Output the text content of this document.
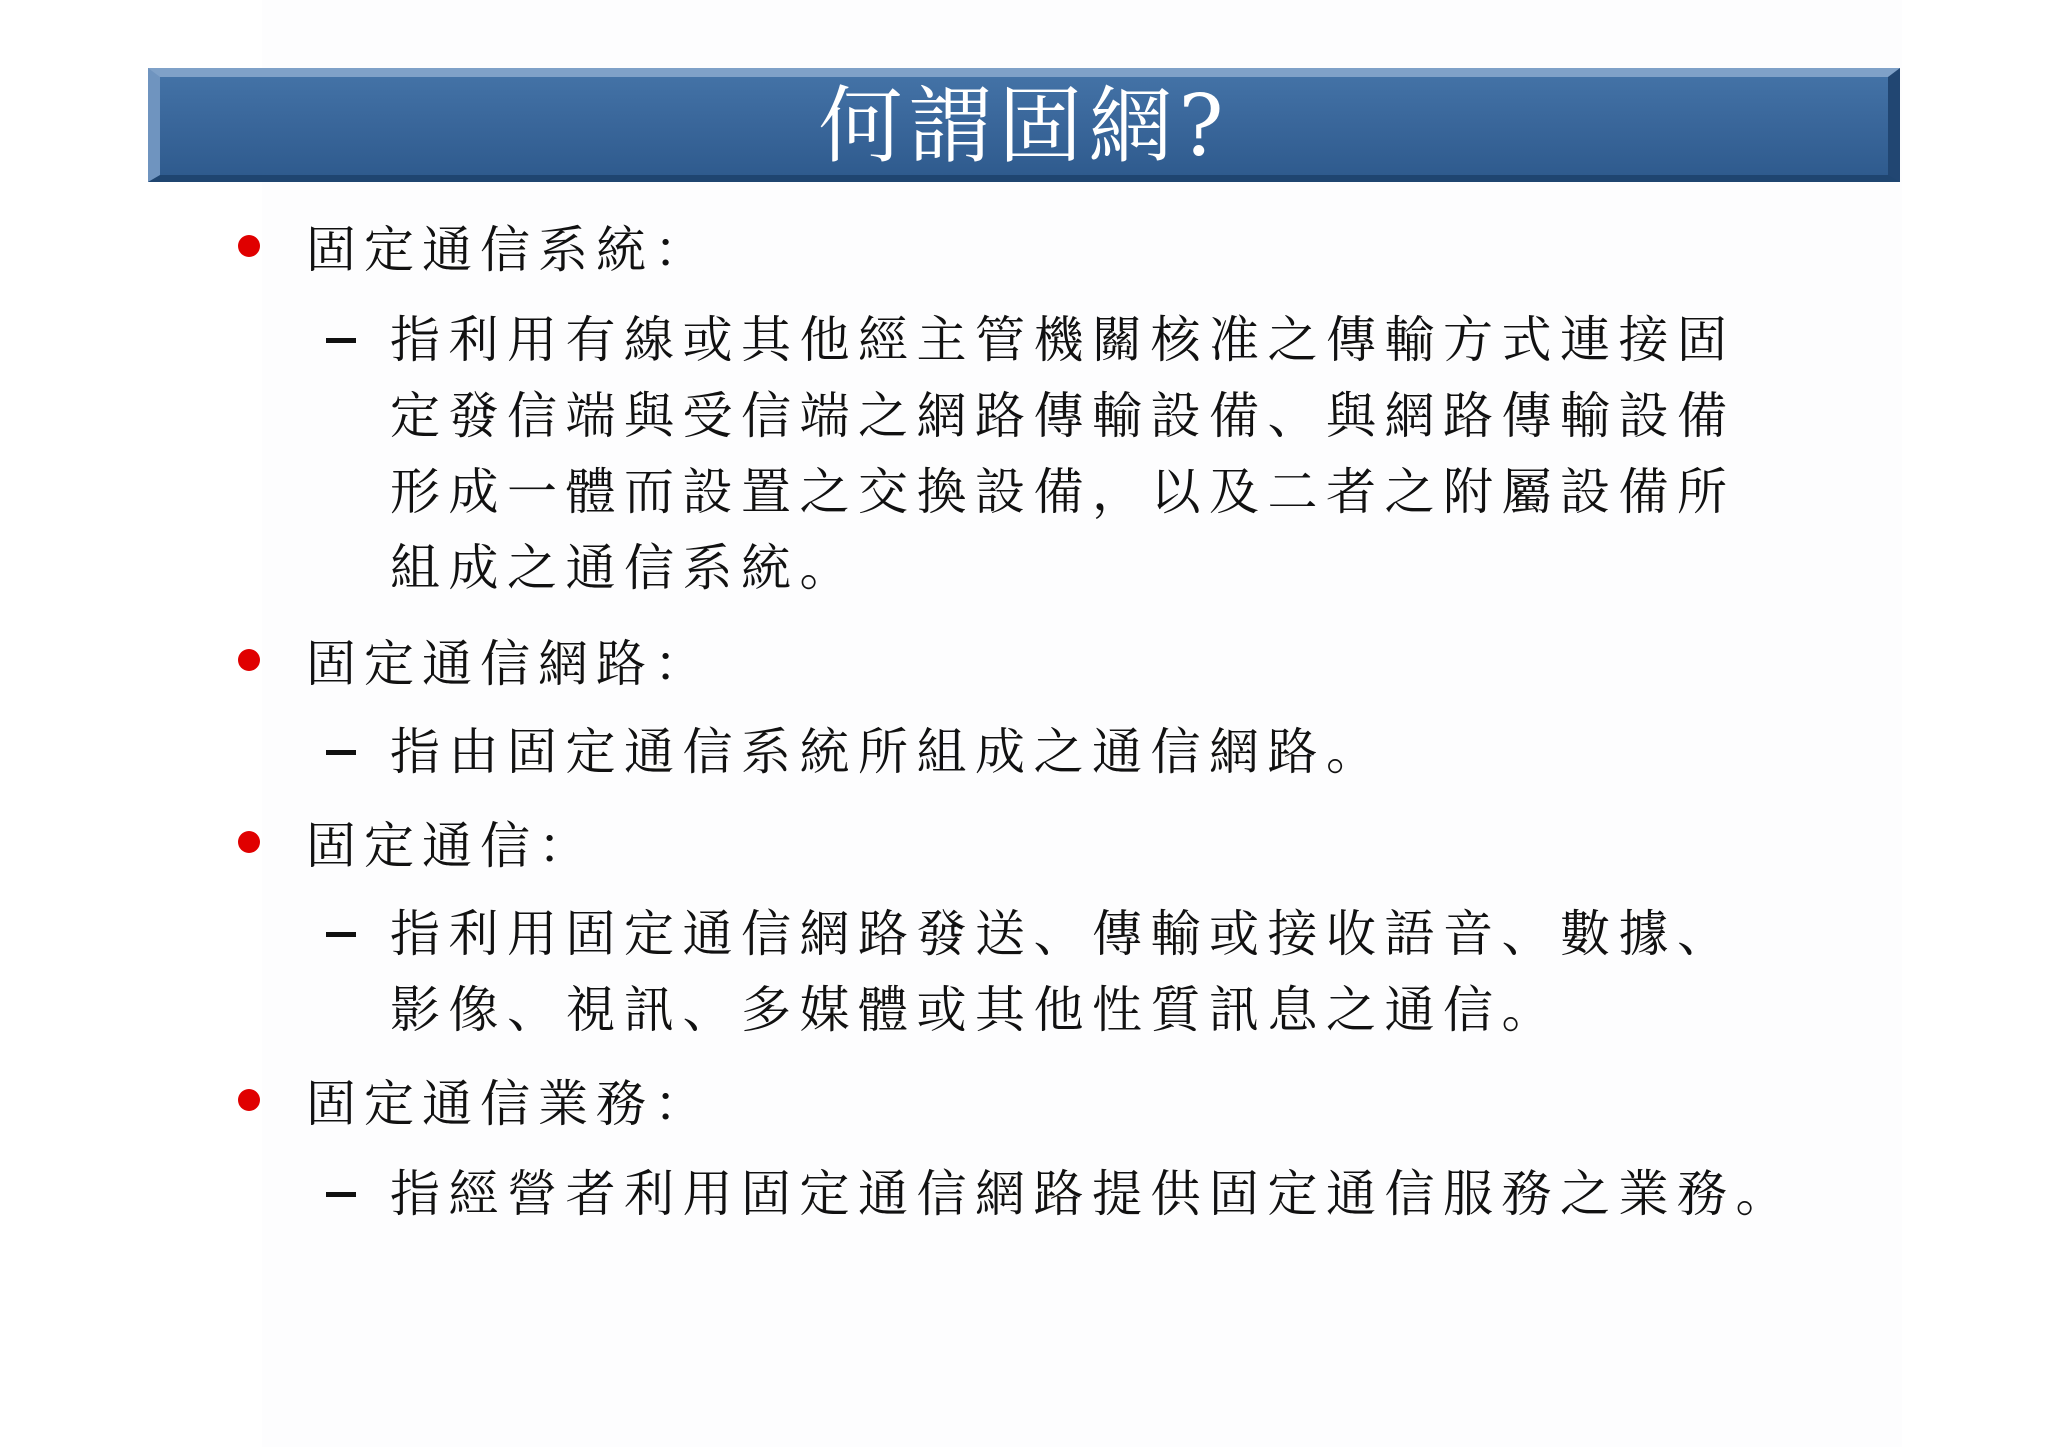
何謂固網?
固定通信系統：
指利用有線或其他經主管機關核准之傳輸方式連接固
定發信端與受信端之網路傳輸設備、與網路傳輸設備
形成一體而設置之交換設備，以及二者之附屬設備所
組成之通信系統。
固定通信網路：
指由固定通信系統所組成之通信網路。
固定通信：
指利用固定通信網路發送、傳輸或接收語音、數據、
影像、視訊、多媒體或其他性質訊息之通信。
固定通信業務：
指經營者利用固定通信網路提供固定通信服務之業務。
